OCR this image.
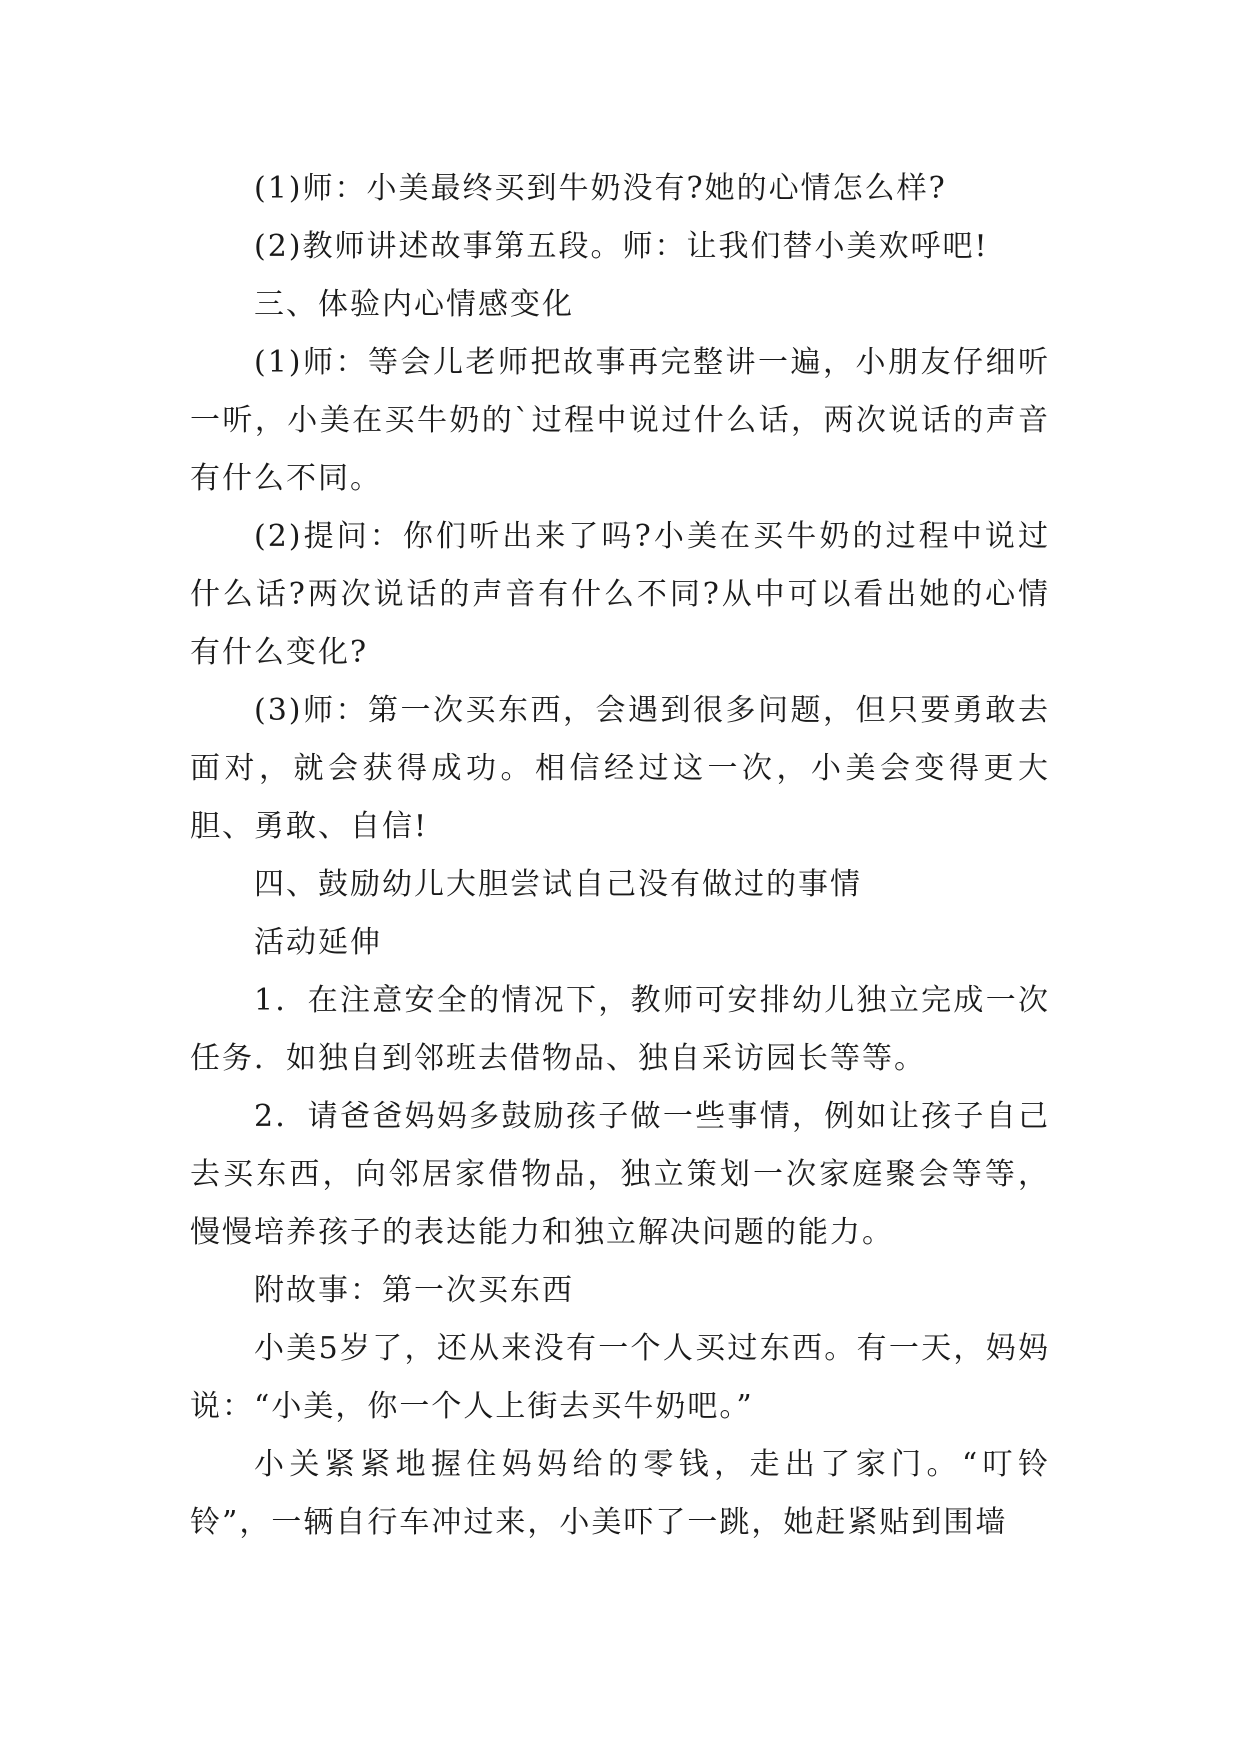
(1)师：小美最终买到牛奶没有?她的心情怎么样?

(2)教师讲述故事第五段。师：让我们替小美欢呼吧!

三、体验内心情感变化

(1)师：等会儿老师把故事再完整讲一遍，小朋友仔细听一听，小美在买牛奶的`过程中说过什么话，两次说话的声音有什么不同。

(2)提问：你们听出来了吗?小美在买牛奶的过程中说过什么话?两次说话的声音有什么不同?从中可以看出她的心情有什么变化?

(3)师：第一次买东西，会遇到很多问题，但只要勇敢去面对，就会获得成功。相信经过这一次，小美会变得更大胆、勇敢、自信!

四、鼓励幼儿大胆尝试自己没有做过的事情

活动延伸

1．在注意安全的情况下，教师可安排幼儿独立完成一次任务．如独自到邻班去借物品、独自采访园长等等。

2．请爸爸妈妈多鼓励孩子做一些事情，例如让孩子自己去买东西，向邻居家借物品，独立策划一次家庭聚会等等，慢慢培养孩子的表达能力和独立解决问题的能力。

附故事：第一次买东西

小美5岁了，还从来没有一个人买过东西。有一天，妈妈说：“小美，你一个人上街去买牛奶吧。”

小关紧紧地握住妈妈给的零钱，走出了家门。“叮铃铃”，一辆自行车冲过来，小美吓了一跳，她赶紧贴到围墙
